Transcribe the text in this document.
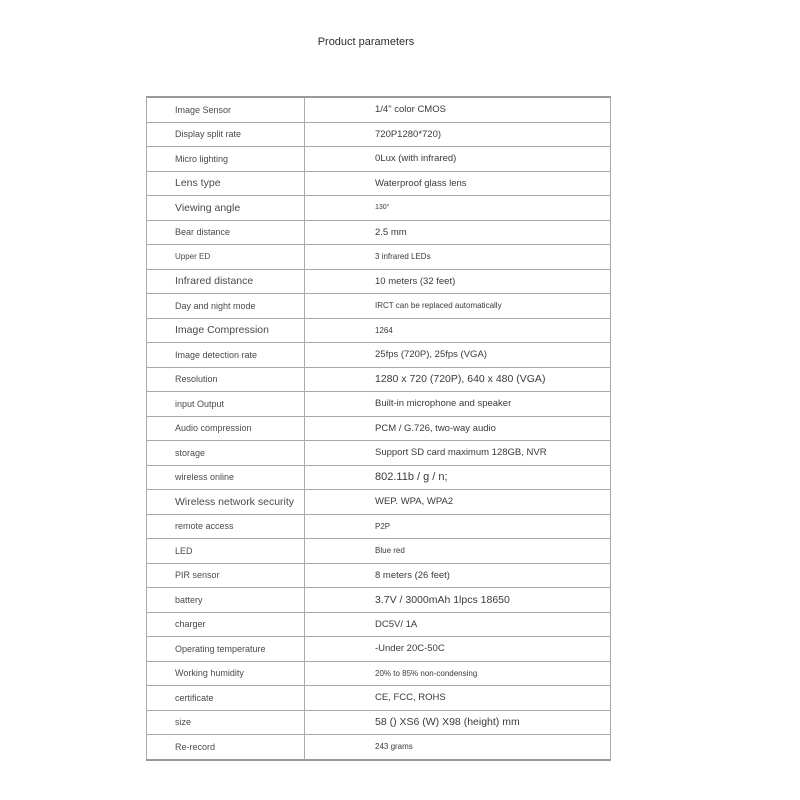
Product parameters
Image Sensor	1/4" color CMOS
Display split rate	720P1280*720)
Micro lighting	0Lux (with infrared)
Lens type	Waterproof glass lens
Viewing angle	130°
Bear distance	2.5 mm
Upper ED	3 infrared LEDs
Infrared distance	10 meters (32 feet)
Day and night mode	IRCT can be replaced automatically
Image Compression	1264
Image detection rate	25fps (720P), 25fps (VGA)
Resolution	1280 x 720 (720P), 640 x 480 (VGA)
input Output	Built-in microphone and speaker
Audio compression	PCM / G.726, two-way audio
storage	Support SD card maximum 128GB, NVR
wireless online	802.11b / g / n;
Wireless network security	WEP. WPA, WPA2
remote access	P2P
LED	Blue red
PIR sensor	8 meters (26 feet)
battery	3.7V / 3000mAh 1lpcs 18650
charger	DC5V/ 1A
Operating temperature	-Under 20C-50C
Working humidity	20% to 85% non-condensing
certificate	CE, FCC, ROHS
size	58 () XS6 (W) X98 (height) mm
Re-record	243 grams
